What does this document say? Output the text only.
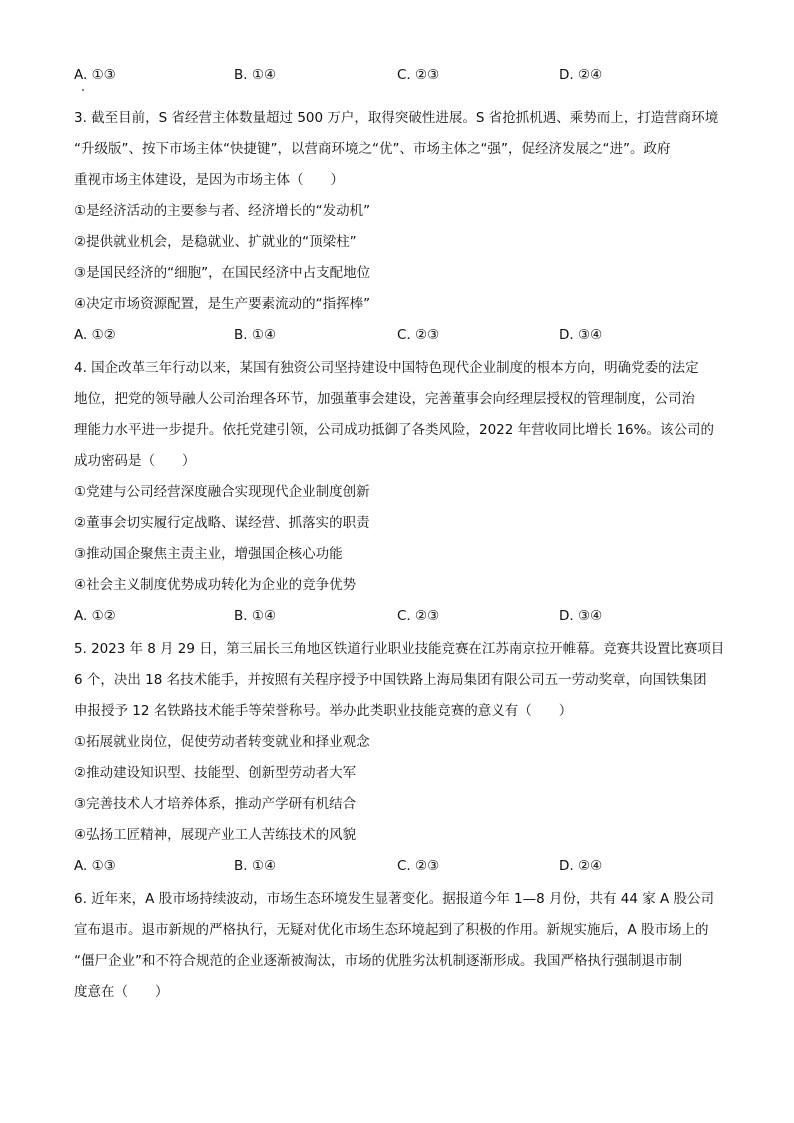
A. ①③	B. ①④	C. ②③	D. ②④
3. 截至目前，S 省经营主体数量超过 500 万户，取得突破性进展。S 省抢抓机遇、乘势而上，打造营商环境
“升级版”、按下市场主体“快捷键”，以营商环境之“优”、市场主体之“强”，促经济发展之“进”。政府
重视市场主体建设，是因为市场主体（　　）
①是经济活动的主要参与者、经济增长的“发动机”
②提供就业机会，是稳就业、扩就业的“顶梁柱”
③是国民经济的“细胞”，在国民经济中占支配地位
④决定市场资源配置，是生产要素流动的“指挥棒”
A. ①②	B. ①④	C. ②③	D. ③④
4. 国企改革三年行动以来，某国有独资公司坚持建设中国特色现代企业制度的根本方向，明确党委的法定
地位，把党的领导融人公司治理各环节，加强董事会建设，完善董事会向经理层授权的管理制度，公司治
理能力水平进一步提升。依托党建引领，公司成功抵御了各类风险，2022 年营收同比增长 16%。该公司的
成功密码是（　　）
①党建与公司经营深度融合实现现代企业制度创新
②董事会切实履行定战略、谋经营、抓落实的职责
③推动国企聚焦主责主业，增强国企核心功能
④社会主义制度优势成功转化为企业的竞争优势
A. ①②	B. ①④	C. ②③	D. ③④
5. 2023 年 8 月 29 日，第三届长三角地区铁道行业职业技能竞赛在江苏南京拉开帷幕。竞赛共设置比赛项目
6 个，决出 18 名技术能手，并按照有关程序授予中国铁路上海局集团有限公司五一劳动奖章，向国铁集团
申报授予 12 名铁路技术能手等荣誉称号。举办此类职业技能竞赛的意义有（　　）
①拓展就业岗位，促使劳动者转变就业和择业观念
②推动建设知识型、技能型、创新型劳动者大军
③完善技术人才培养体系，推动产学研有机结合
④弘扬工匠精神，展现产业工人苦练技术的风貌
A. ①③	B. ①④	C. ②③	D. ②④
6. 近年来，A 股市场持续波动，市场生态环境发生显著变化。据报道今年 1—8 月份，共有 44 家 A 股公司
宣布退市。退市新规的严格执行，无疑对优化市场生态环境起到了积极的作用。新规实施后，A 股市场上的
“僵尸企业”和不符合规范的企业逐渐被淘汰，市场的优胜劣汰机制逐渐形成。我国严格执行强制退市制
度意在（　　）
